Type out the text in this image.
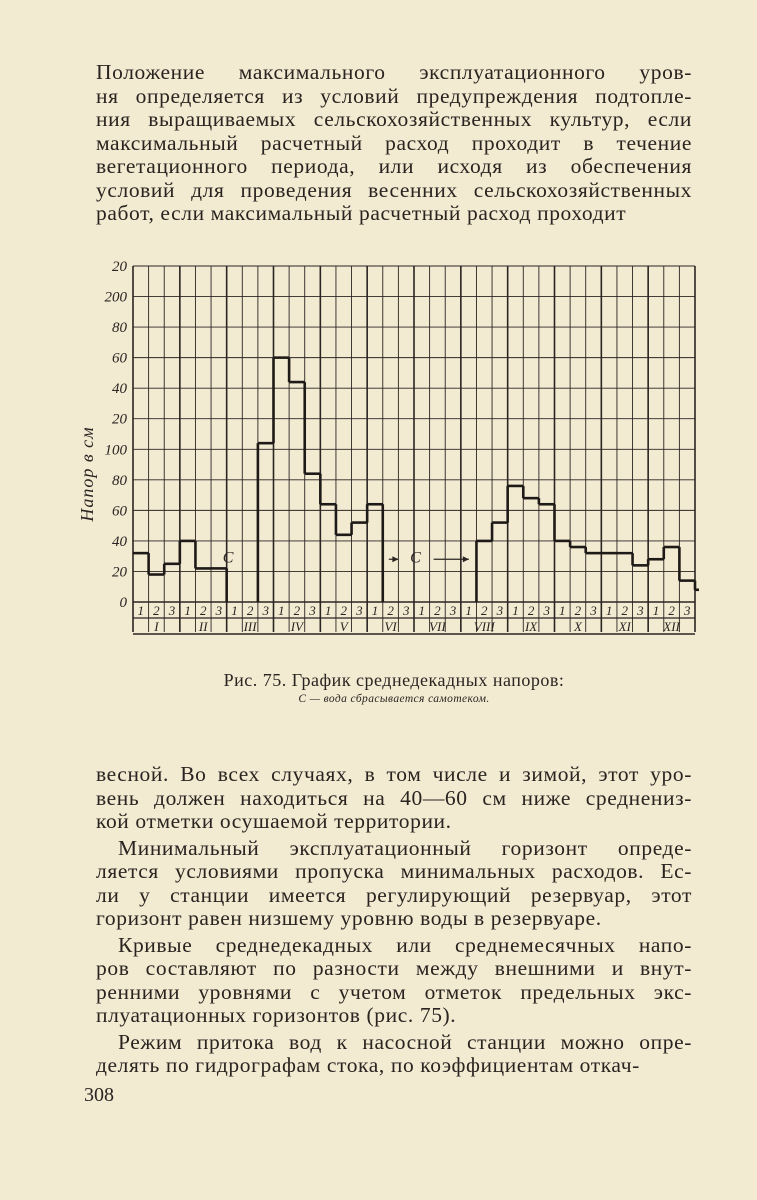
Положение максимального эксплуатационного уров-
ня определяется из условий предупреждения подтопле-
ния выращиваемых сельскохозяйственных культур, если
максимальный расчетный расход проходит в течение
вегетационного периода, или исходя из обеспечения
условий для проведения весенних сельскохозяйственных
работ, если максимальный расчетный расход проходит
20
200
80
60
40
20
100
80
60
40
20
0
Напор в см
1 2 3 1 2 3 1 2 3 1 2 3 1 2 3 1 2 3 1 2 3 1 2 3 1 2 3 1 2 3 1 2 3 1 2 3
I	II	III	IV	V	VI VII VIII IX	X	XI XII
C	C

Рис. 75. График среднедекадных напоров:

C — вода сбрасывается самотеком.

весной. Во всех случаях, в том числе и зимой, этот уро-
вень должен находиться на 40—60 см ниже среднениз-
кой отметки осушаемой территории.
Минимальный эксплуатационный горизонт опреде-
ляется условиями пропуска минимальных расходов. Ес-
ли у станции имеется регулирующий резервуар, этот
горизонт равен низшему уровню воды в резервуаре.
Кривые среднедекадных или среднемесячных напо-
ров составляют по разности между внешними и внут-
ренними уровнями с учетом отметок предельных экс-
плуатационных горизонтов (рис. 75).
Режим притока вод к насосной станции можно опре-
делять по гидрографам стока, по коэффициентам откач-

308
